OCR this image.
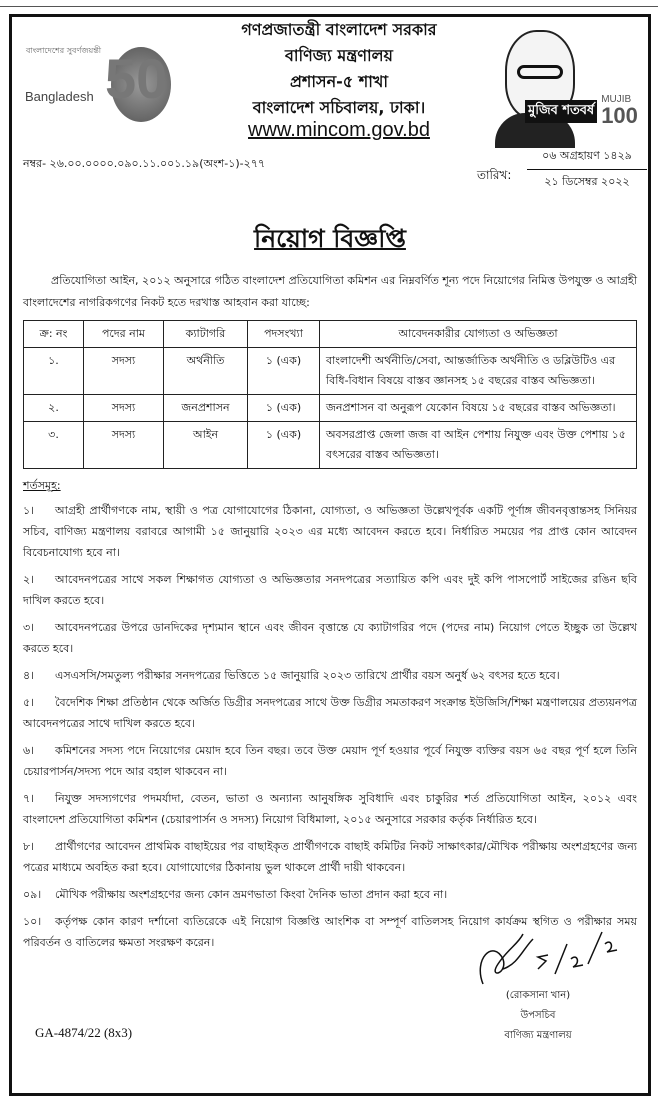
50
বাংলাদেশের সুবর্ণজয়ন্তী
Bangladesh
গণপ্রজাতন্ত্রী বাংলাদেশ সরকার
বাণিজ্য মন্ত্রণালয়
প্রশাসন-৫ শাখা
বাংলাদেশ সচিবালয়, ঢাকা।
www.mincom.gov.bd
মুজিব শতবর্ষ
MUJIB
100
নম্বর- ২৬.০০.০০০০.০৯০.১১.০০১.১৯(অংশ-১)-২৭৭
তারিখ:
০৬ অগ্রহায়ণ ১৪২৯
২১ ডিসেম্বর ২০২২
নিয়োগ বিজ্ঞপ্তি
প্রতিযোগিতা আইন, ২০১২ অনুসারে গঠিত বাংলাদেশ প্রতিযোগিতা কমিশন এর নিম্নবর্ণিত শূন্য পদে নিয়োগের নিমিত্ত উপযুক্ত ও আগ্রহী বাংলাদেশের নাগরিকগণের নিকট হতে দরখাস্ত আহবান করা যাচ্ছে:
ক্র: নং	পদের নাম	ক্যাটাগরি	পদসংখ্যা	আবেদনকারীর যোগ্যতা ও অভিজ্ঞতা
১.	সদস্য	অর্থনীতি	১ (এক)	বাংলাদেশী অর্থনীতি/সেবা, আন্তর্জাতিক অর্থনীতি ও ডব্লিউটিও এর বিধি-বিধান বিষয়ে বাস্তব জ্ঞানসহ ১৫ বছরের বাস্তব অভিজ্ঞতা।
২.	সদস্য	জনপ্রশাসন	১ (এক)	জনপ্রশাসন বা অনুরূপ যেকোন বিষয়ে ১৫ বছরের বাস্তব অভিজ্ঞতা।
৩.	সদস্য	আইন	১ (এক)	অবসরপ্রাপ্ত জেলা জজ বা আইন পেশায় নিযুক্ত এবং উক্ত পেশায় ১৫ বৎসরের বাস্তব অভিজ্ঞতা।
শর্তসমূহ:
১। আগ্রহী প্রার্থীগণকে নাম, স্থায়ী ও পত্র যোগাযোগের ঠিকানা, যোগ্যতা, ও অভিজ্ঞতা উল্লেখপূর্বক একটি পূর্ণাঙ্গ জীবনবৃত্তান্তসহ সিনিয়র সচিব, বাণিজ্য মন্ত্রণালয় বরাবরে আগামী ১৫ জানুয়ারি ২০২৩ এর মধ্যে আবেদন করতে হবে। নির্ধারিত সময়ের পর প্রাপ্ত কোন আবেদন বিবেচনাযোগ্য হবে না।
২। আবেদনপত্রের সাথে সকল শিক্ষাগত যোগ্যতা ও অভিজ্ঞতার সনদপত্রের সত্যায়িত কপি এবং দুই কপি পাসপোর্ট সাইজের রঙিন ছবি দাখিল করতে হবে।
৩। আবেদনপত্রের উপরে ডানদিকের দৃশ্যমান স্থানে এবং জীবন বৃত্তান্তে যে ক্যাটাগরির পদে (পদের নাম) নিয়োগ পেতে ইচ্ছুক তা উল্লেখ করতে হবে।
৪। এসএসসি/সমতুল্য পরীক্ষার সনদপত্রের ভিত্তিতে ১৫ জানুয়ারি ২০২৩ তারিখে প্রার্থীর বয়স অনুর্ধ ৬২ বৎসর হতে হবে।
৫। বৈদেশিক শিক্ষা প্রতিষ্ঠান থেকে অর্জিত ডিগ্রীর সনদপত্রের সাথে উক্ত ডিগ্রীর সমতাকরণ সংক্রান্ত ইউজিসি/শিক্ষা মন্ত্রণালয়ের প্রত্যয়নপত্র আবেদনপত্রের সাথে দাখিল করতে হবে।
৬। কমিশনের সদস্য পদে নিয়োগের মেয়াদ হবে তিন বছর। তবে উক্ত মেয়াদ পূর্ণ হওয়ার পূর্বে নিযুক্ত ব্যক্তির বয়স ৬৫ বছর পূর্ণ হলে তিনি চেয়ারপার্সন/সদস্য পদে আর বহাল থাকবেন না।
৭। নিযুক্ত সদস্যগণের পদমর্যাদা, বেতন, ভাতা ও অন্যান্য আনুষঙ্গিক সুবিধাদি এবং চাকুরির শর্ত প্রতিযোগিতা আইন, ২০১২ এবং বাংলাদেশ প্রতিযোগিতা কমিশন (চেয়ারপার্সন ও সদস্য) নিয়োগ বিধিমালা, ২০১৫ অনুসারে সরকার কর্তৃক নির্ধারিত হবে।
৮। প্রার্থীগণের আবেদন প্রাথমিক বাছাইয়ের পর বাছাইকৃত প্রার্থীগণকে বাছাই কমিটির নিকট সাক্ষাৎকার/মৌখিক পরীক্ষায় অংশগ্রহণের জন্য পত্রের মাধ্যমে অবহিত করা হবে। যোগাযোগের ঠিকানায় ভুল থাকলে প্রার্থী দায়ী থাকবেন।
০৯। মৌখিক পরীক্ষায় অংশগ্রহণের জন্য কোন ভ্রমণভাতা কিংবা দৈনিক ভাতা প্রদান করা হবে না।
১০। কর্তৃপক্ষ কোন কারণ দর্শানো ব্যতিরেকে এই নিয়োগ বিজ্ঞপ্তি আংশিক বা সম্পূর্ণ বাতিলসহ নিয়োগ কার্যক্রম স্থগিত ও পরীক্ষার সময় পরিবর্তন ও বাতিলের ক্ষমতা সংরক্ষণ করেন।
(রোকসানা খান)
উপসচিব
বাণিজ্য মন্ত্রণালয়
GA-4874/22 (8x3)
